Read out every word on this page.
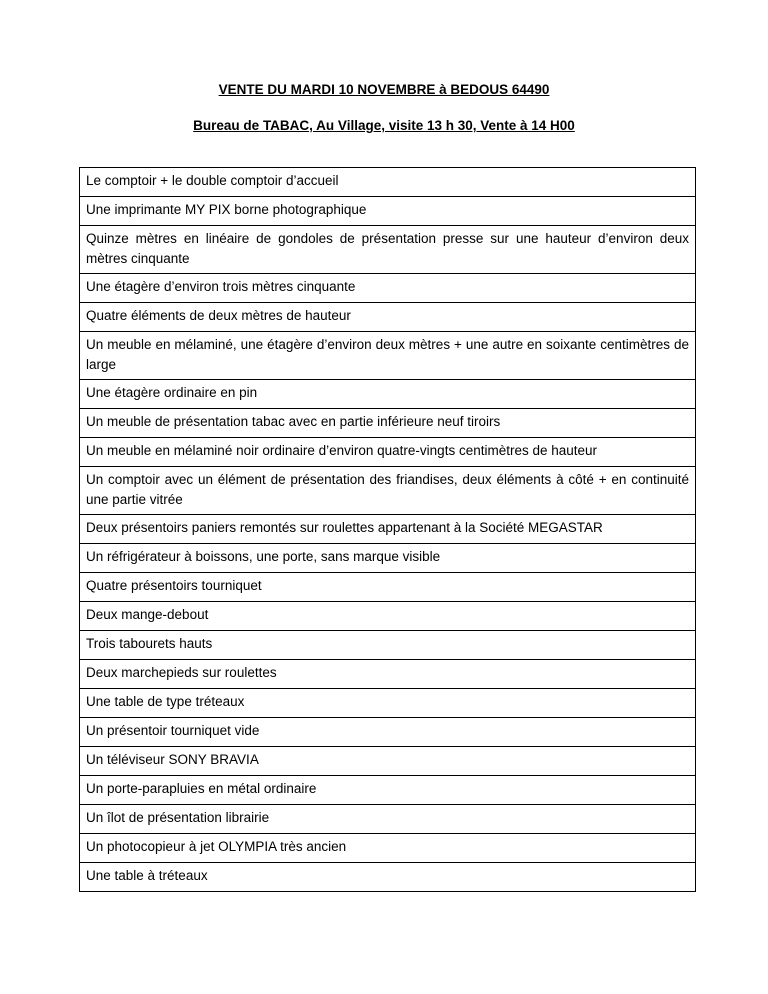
VENTE DU MARDI 10 NOVEMBRE à BEDOUS 64490
Bureau de TABAC, Au Village, visite 13 h 30, Vente à 14 H00
Le comptoir + le double comptoir d’accueil
Une imprimante MY PIX borne photographique
Quinze mètres en linéaire de gondoles de présentation presse sur une hauteur d’environ deux mètres cinquante
Une étagère d’environ trois mètres cinquante
Quatre éléments de deux mètres de hauteur
Un meuble en mélaminé, une étagère d’environ deux mètres + une autre en soixante centimètres de large
Une étagère ordinaire en pin
Un meuble de présentation tabac avec en partie inférieure neuf tiroirs
Un meuble en mélaminé noir ordinaire d’environ quatre-vingts centimètres de hauteur
Un comptoir avec un élément de présentation des friandises, deux éléments à côté + en continuité une partie vitrée
Deux présentoirs paniers remontés sur roulettes appartenant à la Société MEGASTAR
Un réfrigérateur à boissons, une porte, sans marque visible
Quatre présentoirs tourniquet
Deux mange-debout
Trois tabourets hauts
Deux marchepieds sur roulettes
Une table de type tréteaux
Un présentoir tourniquet vide
Un téléviseur SONY BRAVIA
Un porte-parapluies en métal ordinaire
Un îlot de présentation librairie
Un photocopieur à jet OLYMPIA très ancien
Une table à tréteaux
